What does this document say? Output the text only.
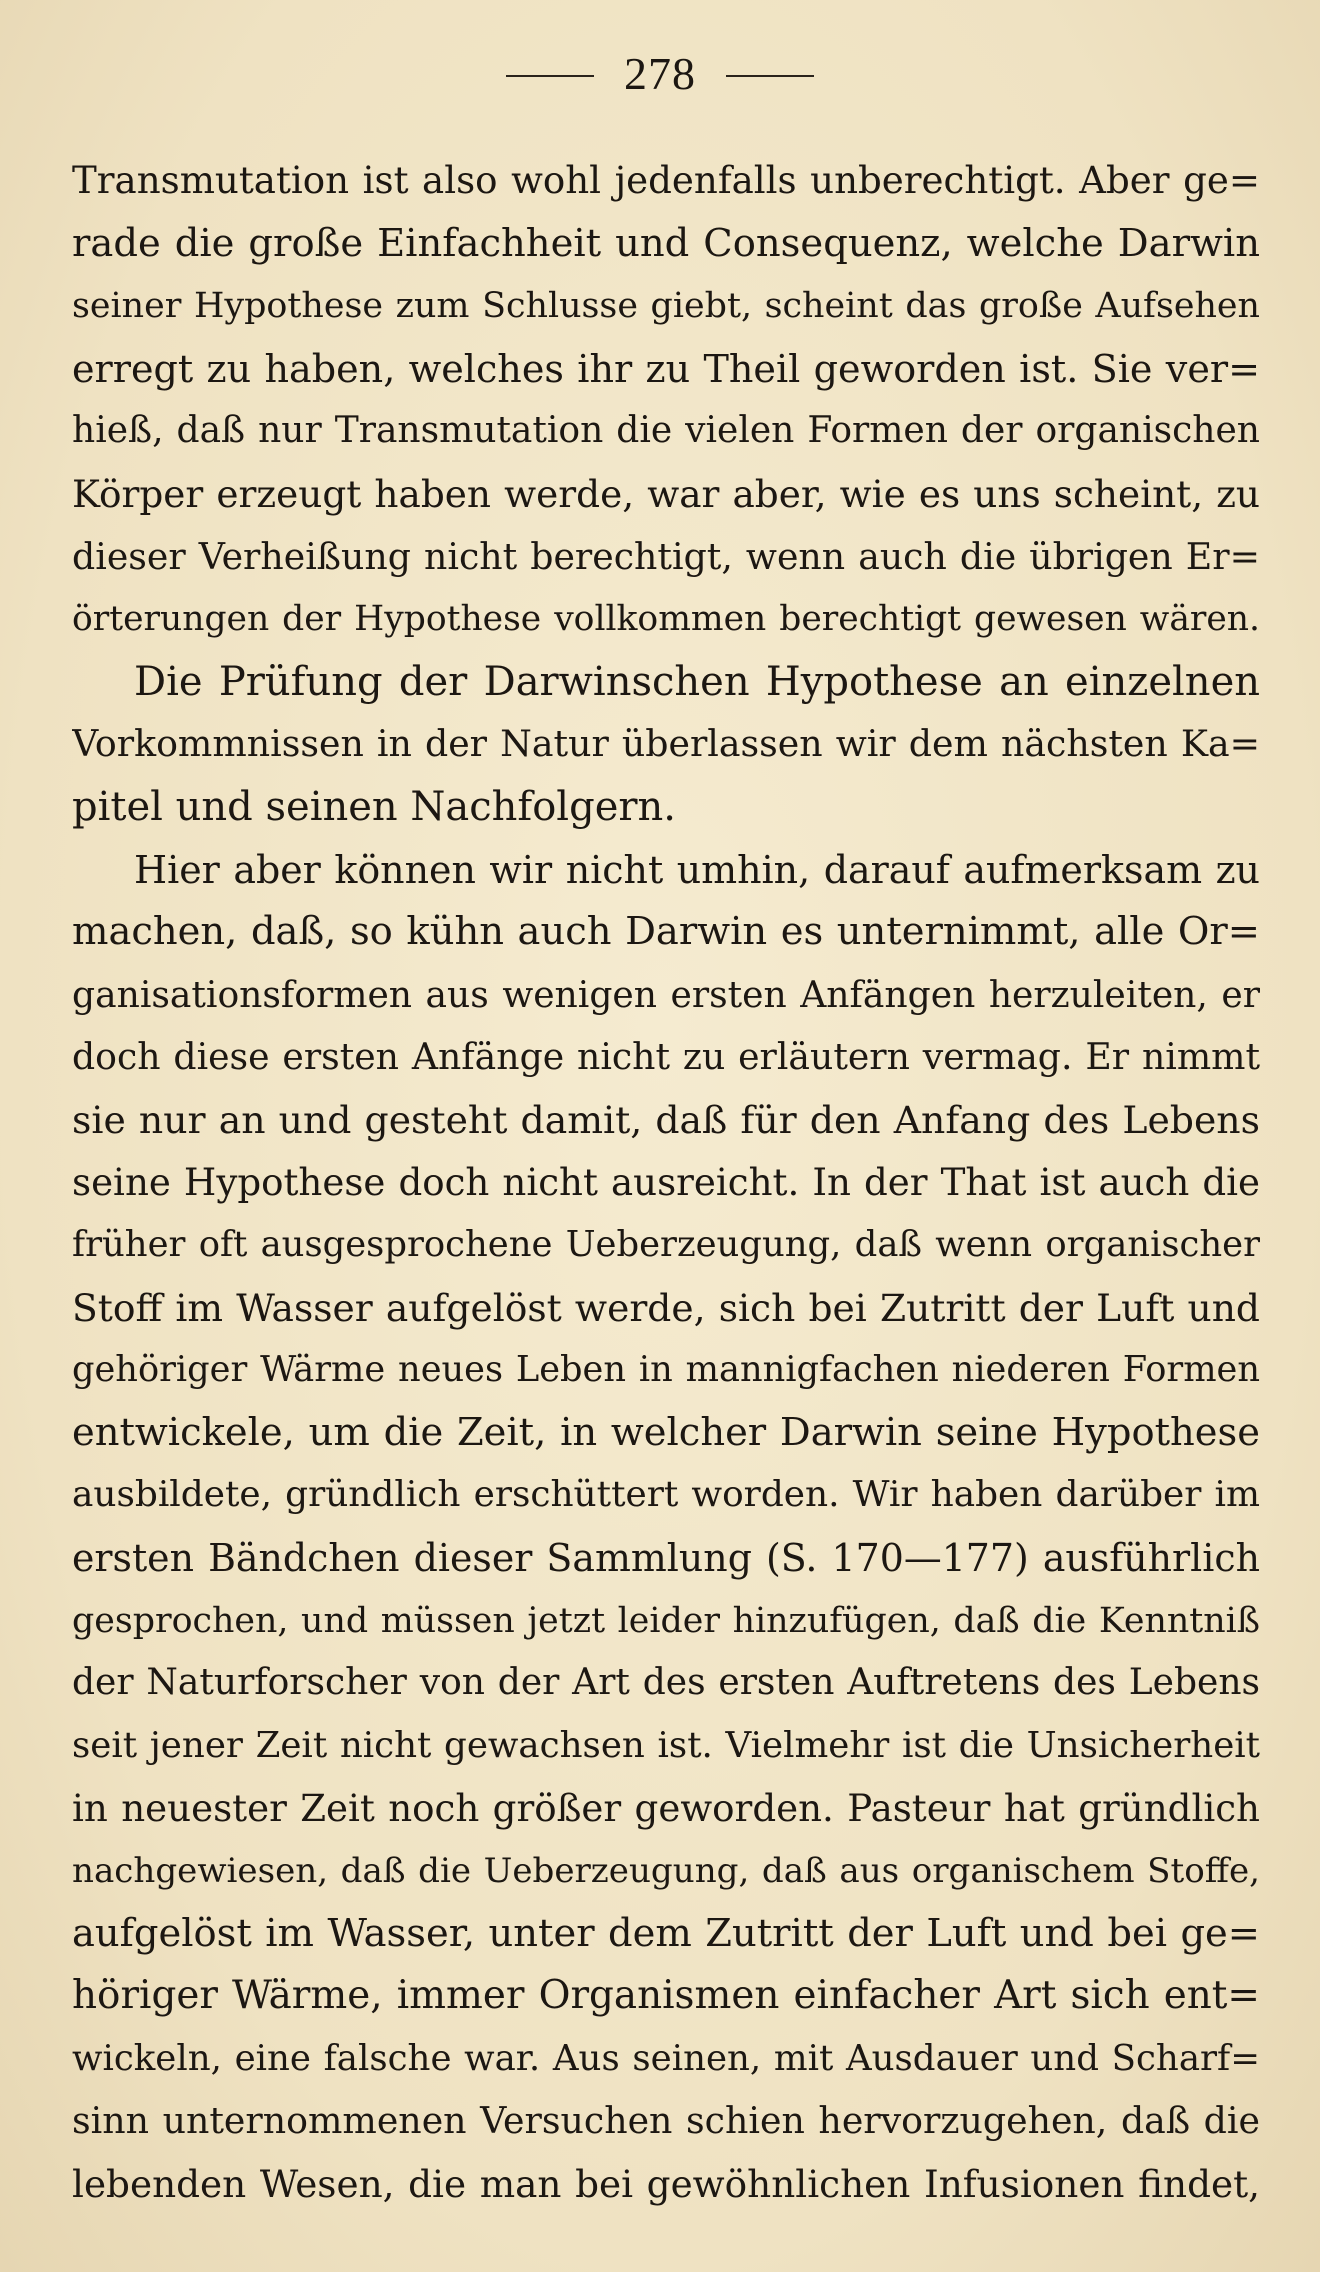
278
Transmutation ist also wohl jedenfalls unberechtigt. Aber ge=
rade die große Einfachheit und Consequenz, welche Darwin
seiner Hypothese zum Schlusse giebt, scheint das große Aufsehen
erregt zu haben, welches ihr zu Theil geworden ist. Sie ver=
hieß, daß nur Transmutation die vielen Formen der organischen
Körper erzeugt haben werde, war aber, wie es uns scheint, zu
dieser Verheißung nicht berechtigt, wenn auch die übrigen Er=
örterungen der Hypothese vollkommen berechtigt gewesen wären.
Die Prüfung der Darwinschen Hypothese an einzelnen
Vorkommnissen in der Natur überlassen wir dem nächsten Ka=
pitel und seinen Nachfolgern.
Hier aber können wir nicht umhin, darauf aufmerksam zu
machen, daß, so kühn auch Darwin es unternimmt, alle Or=
ganisationsformen aus wenigen ersten Anfängen herzuleiten, er
doch diese ersten Anfänge nicht zu erläutern vermag. Er nimmt
sie nur an und gesteht damit, daß für den Anfang des Lebens
seine Hypothese doch nicht ausreicht. In der That ist auch die
früher oft ausgesprochene Ueberzeugung, daß wenn organischer
Stoff im Wasser aufgelöst werde, sich bei Zutritt der Luft und
gehöriger Wärme neues Leben in mannigfachen niederen Formen
entwickele, um die Zeit, in welcher Darwin seine Hypothese
ausbildete, gründlich erschüttert worden. Wir haben darüber im
ersten Bändchen dieser Sammlung (S. 170—177) ausführlich
gesprochen, und müssen jetzt leider hinzufügen, daß die Kenntniß
der Naturforscher von der Art des ersten Auftretens des Lebens
seit jener Zeit nicht gewachsen ist. Vielmehr ist die Unsicherheit
in neuester Zeit noch größer geworden. Pasteur hat gründlich
nachgewiesen, daß die Ueberzeugung, daß aus organischem Stoffe,
aufgelöst im Wasser, unter dem Zutritt der Luft und bei ge=
höriger Wärme, immer Organismen einfacher Art sich ent=
wickeln, eine falsche war. Aus seinen, mit Ausdauer und Scharf=
sinn unternommenen Versuchen schien hervorzugehen, daß die
lebenden Wesen, die man bei gewöhnlichen Infusionen findet,
